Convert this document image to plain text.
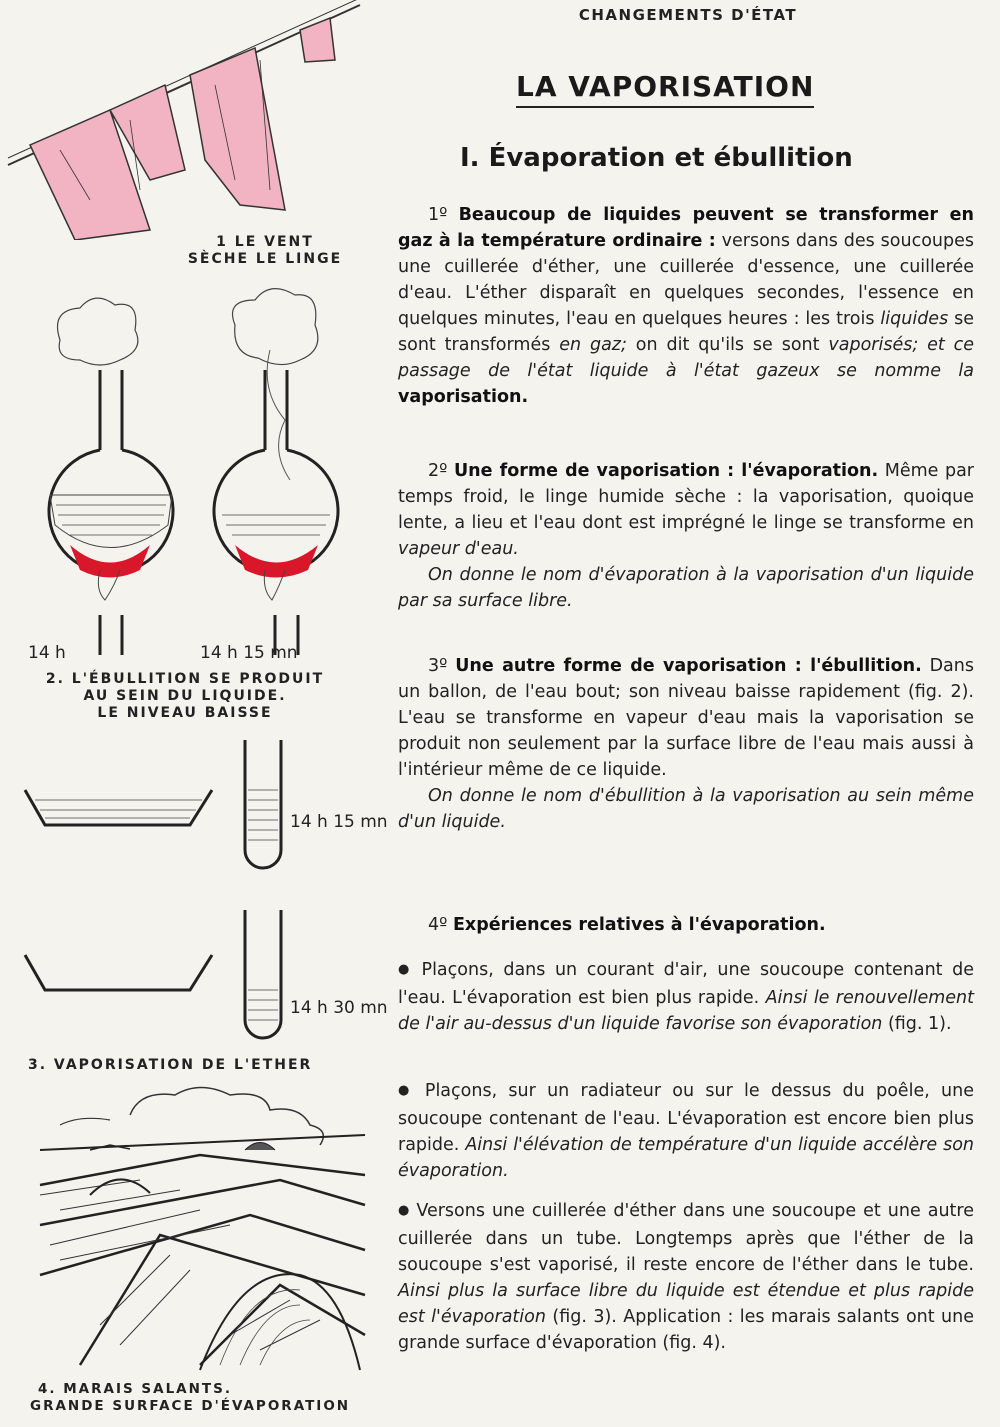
1 LE VENT
SÈCHE LE LINGE
14 h	14 h 15 mn
2. L'ÉBULLITION SE PRODUIT
AU SEIN DU LIQUIDE.
LE NIVEAU BAISSE
14 h 15 mn
14 h 30 mn
3. VAPORISATION DE L'ETHER
4. MARAIS SALANTS.
GRANDE SURFACE D'ÉVAPORATION
CHANGEMENTS D'ÉTAT
LA VAPORISATION
I. Évaporation et ébullition
1º Beaucoup de liquides peuvent se transformer en gaz à la température ordinaire : versons dans des soucoupes une cuillerée d'éther, une cuillerée d'essence, une cuillerée d'eau. L'éther disparaît en quelques secondes, l'essence en quelques minutes, l'eau en quelques heures : les trois liquides se sont transformés en gaz; on dit qu'ils se sont vaporisés; et ce passage de l'état liquide à l'état gazeux se nomme la vaporisation.
2º Une forme de vaporisation : l'évaporation. Même par temps froid, le linge humide sèche : la vaporisation, quoique lente, a lieu et l'eau dont est imprégné le linge se transforme en vapeur d'eau.
On donne le nom d'évaporation à la vaporisation d'un liquide par sa surface libre.
3º Une autre forme de vaporisation : l'ébullition. Dans un ballon, de l'eau bout; son niveau baisse rapidement (fig. 2). L'eau se transforme en vapeur d'eau mais la vaporisation se produit non seulement par la surface libre de l'eau mais aussi à l'intérieur même de ce liquide.
On donne le nom d'ébullition à la vaporisation au sein même d'un liquide.
4º Expériences relatives à l'évaporation.
● Plaçons, dans un courant d'air, une soucoupe contenant de l'eau. L'évaporation est bien plus rapide. Ainsi le renouvellement de l'air au-dessus d'un liquide favorise son évaporation (fig. 1).
● Plaçons, sur un radiateur ou sur le dessus du poêle, une soucoupe contenant de l'eau. L'évaporation est encore bien plus rapide. Ainsi l'élévation de température d'un liquide accélère son évaporation.
● Versons une cuillerée d'éther dans une soucoupe et une autre cuillerée dans un tube. Longtemps après que l'éther de la soucoupe s'est vaporisé, il reste encore de l'éther dans le tube. Ainsi plus la surface libre du liquide est étendue et plus rapide est l'évaporation (fig. 3). Application : les marais salants ont une grande surface d'évaporation (fig. 4).
